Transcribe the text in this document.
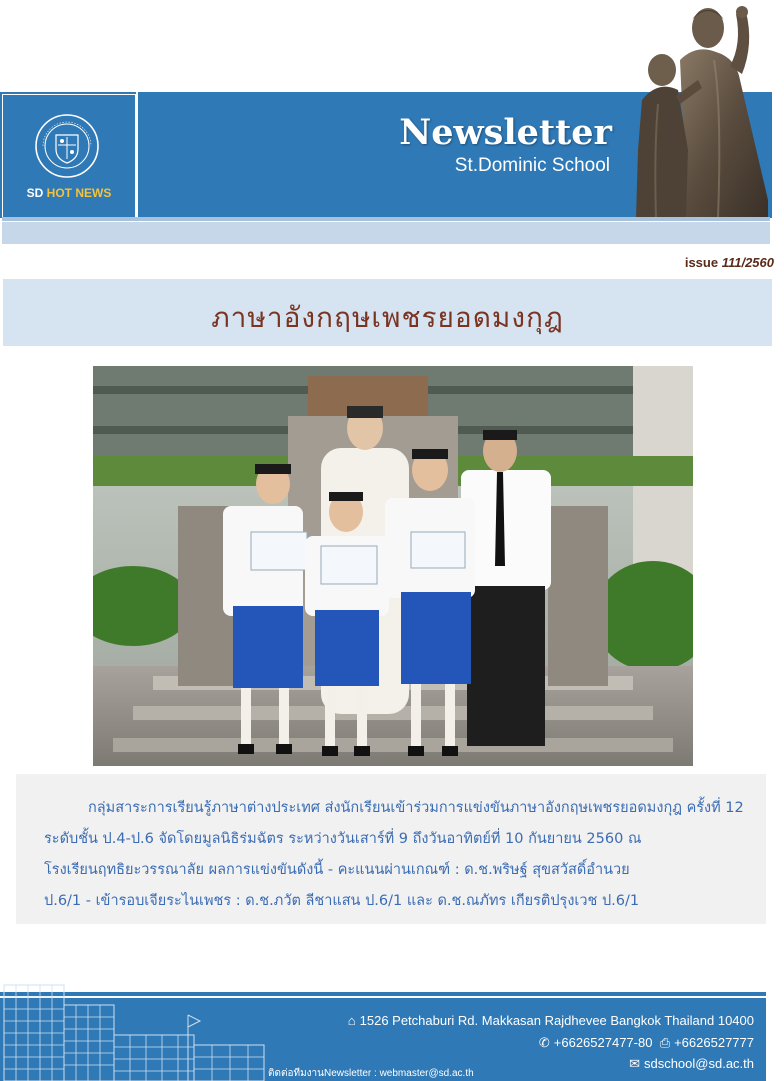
SD HOT NEWS
Newsletter
St.Dominic School
issue 111/2560
ภาษาอังกฤษเพชรยอดมงกุฎ
กลุ่มสาระการเรียนรู้ภาษาต่างประเทศ ส่งนักเรียนเข้าร่วมการแข่งขันภาษาอังกฤษเพชรยอดมงกุฎ ครั้งที่ 12
ระดับชั้น ป.4-ป.6 จัดโดยมูลนิธิร่มฉัตร ระหว่างวันเสาร์ที่ 9 ถึงวันอาทิตย์ที่ 10 กันยายน 2560 ณ
โรงเรียนฤทธิยะวรรณาลัย ผลการแข่งขันดังนี้ - คะแนนผ่านเกณฑ์ : ด.ช.พริษฐ์ สุขสวัสดิ์อำนวย
ป.6/1 - เข้ารอบเจียระไนเพชร : ด.ช.ภวัต ลีชาแสน ป.6/1 และ ด.ช.ณภัทร เกียรติปรุงเวช ป.6/1
⌂ 1526 Petchaburi Rd. Makkasan Rajdhevee Bangkok Thailand 10400
✆ +6626527477-80 ⎙ +6626527777
✉ sdschool@sd.ac.th
ติดต่อทีมงานNewsletter : webmaster@sd.ac.th
